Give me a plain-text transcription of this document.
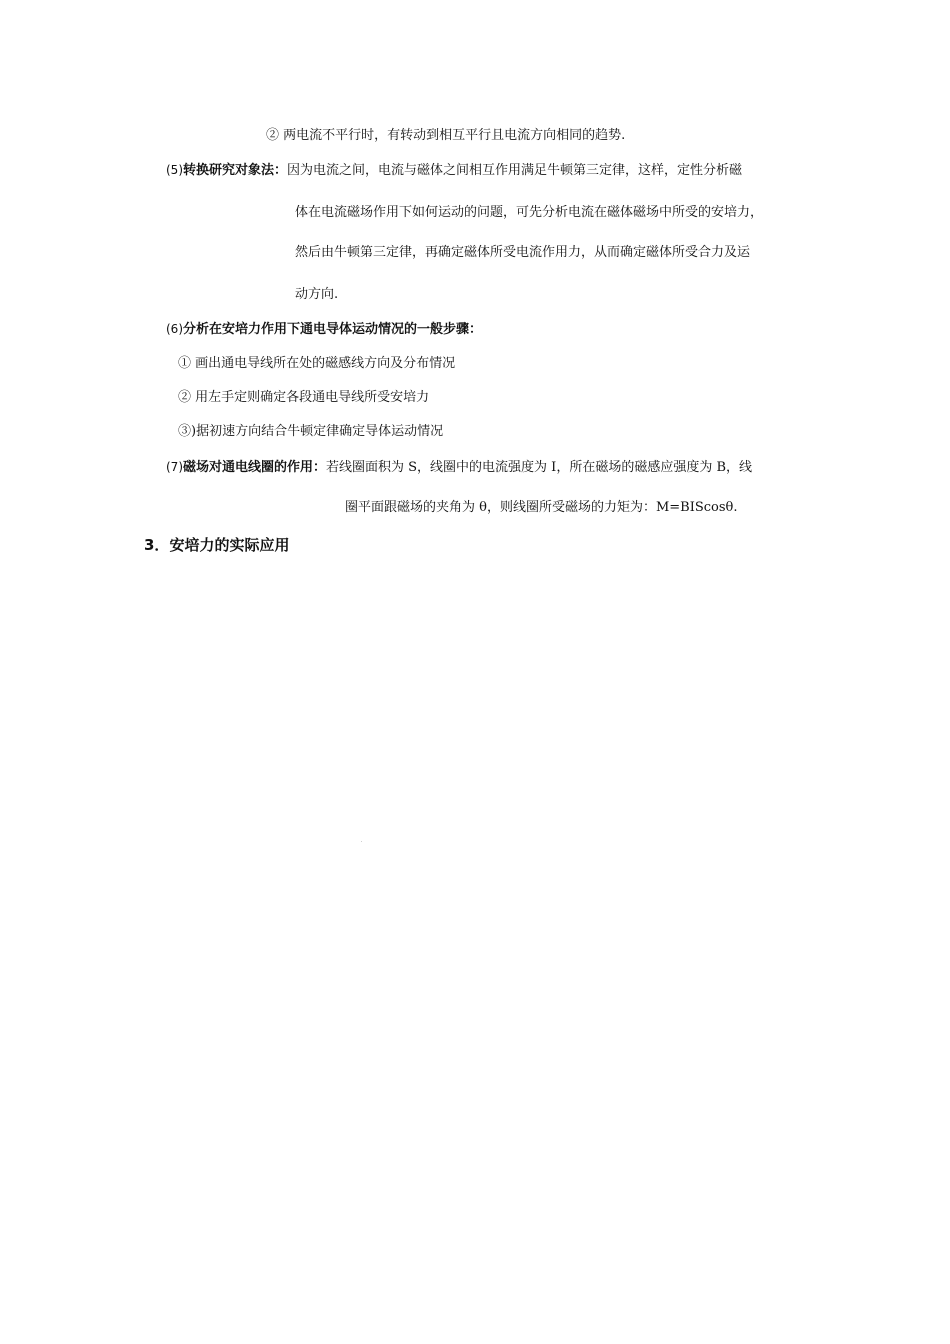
② 两电流不平行时，有转动到相互平行且电流方向相同的趋势.
(5)转换研究对象法：因为电流之间，电流与磁体之间相互作用满足牛顿第三定律，这样，定性分析磁
体在电流磁场作用下如何运动的问题，可先分析电流在磁体磁场中所受的安培力，
然后由牛顿第三定律，再确定磁体所受电流作用力，从而确定磁体所受合力及运
动方向.
(6)分析在安培力作用下通电导体运动情况的一般步骤：
① 画出通电导线所在处的磁感线方向及分布情况
② 用左手定则确定各段通电导线所受安培力
③)据初速方向结合牛顿定律确定导体运动情况
(7)磁场对通电线圈的作用：若线圈面积为 S，线圈中的电流强度为 I，所在磁场的磁感应强度为 B，线
圈平面跟磁场的夹角为 θ，则线圈所受磁场的力矩为：M=BIScosθ.
3．安培力的实际应用
